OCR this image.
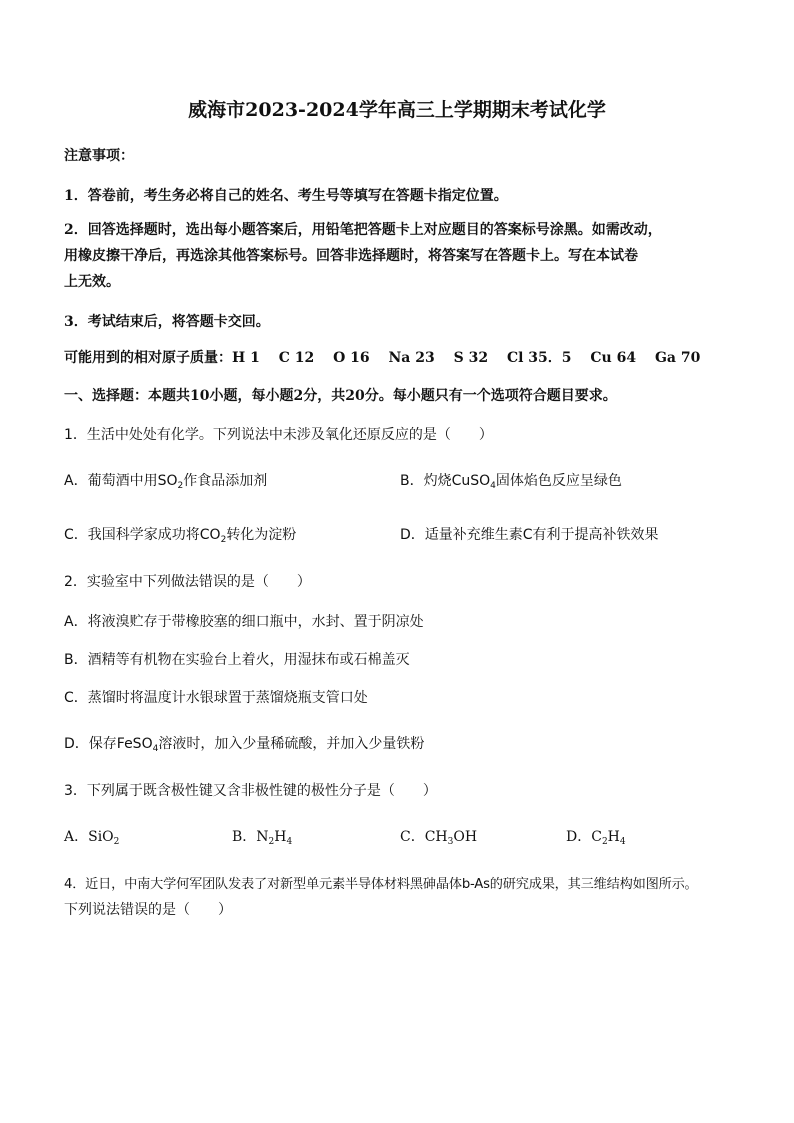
威海市2023-2024学年高三上学期期末考试化学
注意事项：
1．答卷前，考生务必将自己的姓名、考生号等填写在答题卡指定位置。
2．回答选择题时，选出每小题答案后，用铅笔把答题卡上对应题目的答案标号涂黑。如需改动，
用橡皮擦干净后，再选涂其他答案标号。回答非选择题时，将答案写在答题卡上。写在本试卷
上无效。
3．考试结束后，将答题卡交回。
可能用到的相对原子质量：H 1　 C 12 　O 16 　Na 23 　S 32 　Cl 35．5 　Cu 64 　Ga 70
一、选择题：本题共10小题，每小题2分，共20分。每小题只有一个选项符合题目要求。
1．生活中处处有化学。下列说法中未涉及氧化还原反应的是（　　）
A．葡萄酒中用$SO_2$作食品添加剂	B．灼烧CuSO$_4$固体焰色反应呈绿色
C．我国科学家成功将$CO_2$转化为淀粉	D．适量补充维生素C有利于提高补铁效果
2．实验室中下列做法错误的是（　　）
A．将液溴贮存于带橡胶塞的细口瓶中，水封、置于阴凉处
B．酒精等有机物在实验台上着火，用湿抹布或石棉盖灭
C．蒸馏时将温度计水银球置于蒸馏烧瓶支管口处
D．保存FeSO$_4$溶液时，加入少量稀硫酸，并加入少量铁粉
3．下列属于既含极性键又含非极性键的极性分子是（　　）
A．SiO$_2$	B．$N_2H_4$	C．$CH_3OH$	D．$C_2H_4$
4．近日，中南大学何军团队发表了对新型单元素半导体材料黑砷晶体b-As的研究成果，其三维结构如图所示。
下列说法错误的是（　　）
